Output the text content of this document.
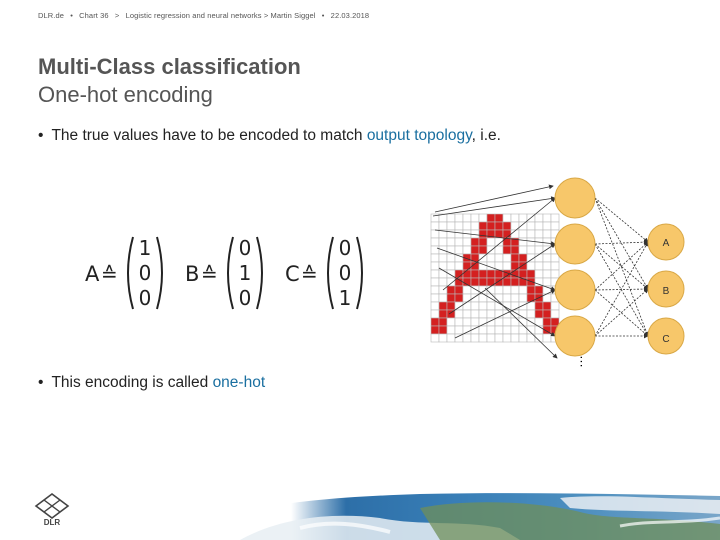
DLR.de • Chart 36 > Logistic regression and neural networks > Martin Siggel • 22.03.2018
Multi-Class classification
One-hot encoding
• The true values have to be encoded to match output topology, i.e.
A ≙
1
0
0
B ≙
0
1
0
C ≙
0
0
1
…
A
B
C
• This encoding is called one-hot
DLR
